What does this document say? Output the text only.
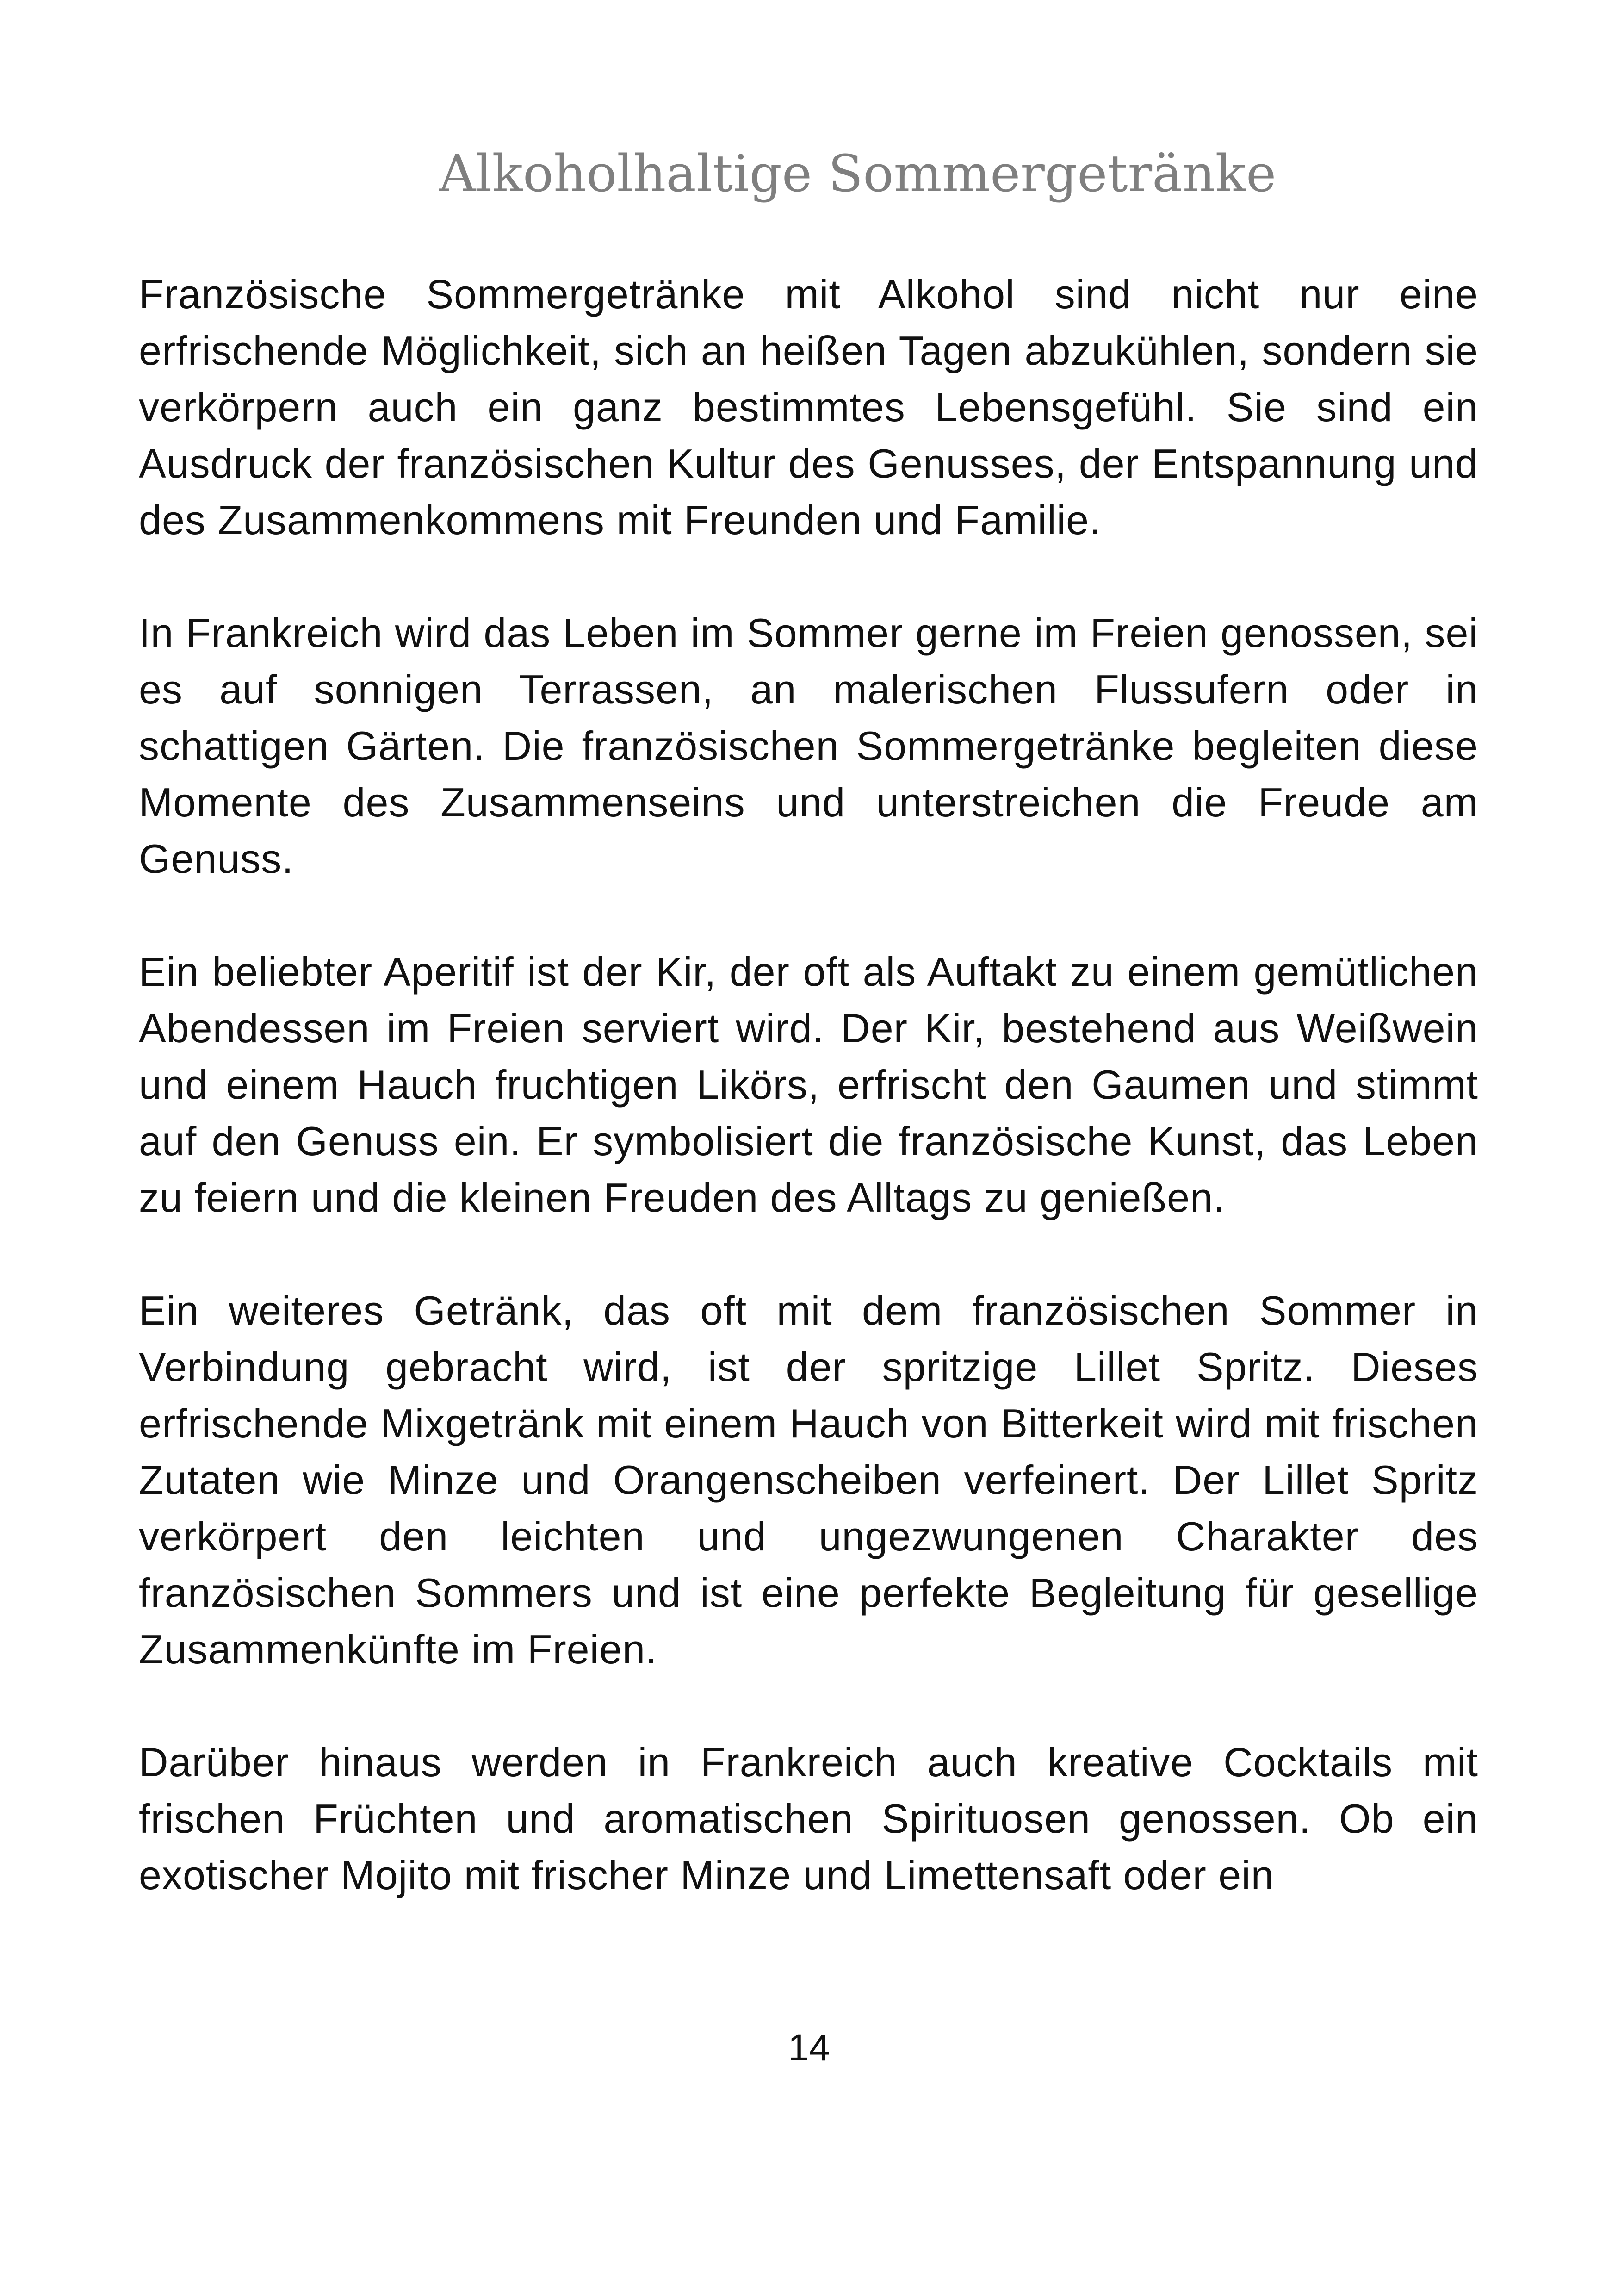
Alkoholhaltige Sommergetränke

Französische Sommergetränke mit Alkohol sind nicht nur eine erfrischende Möglichkeit, sich an heißen Tagen abzukühlen, sondern sie verkörpern auch ein ganz bestimmtes Lebensgefühl. Sie sind ein Ausdruck der französischen Kultur des Genusses, der Entspannung und des Zusammenkommens mit Freunden und Familie.

In Frankreich wird das Leben im Sommer gerne im Freien genossen, sei es auf sonnigen Terrassen, an malerischen Flussufern oder in schattigen Gärten. Die französischen Sommergetränke begleiten diese Momente des Zusammenseins und unterstreichen die Freude am Genuss.

Ein beliebter Aperitif ist der Kir, der oft als Auftakt zu einem gemütlichen Abendessen im Freien serviert wird. Der Kir, bestehend aus Weißwein und einem Hauch fruchtigen Likörs, erfrischt den Gaumen und stimmt auf den Genuss ein. Er symbolisiert die französische Kunst, das Leben zu feiern und die kleinen Freuden des Alltags zu genießen.

Ein weiteres Getränk, das oft mit dem französischen Sommer in Verbindung gebracht wird, ist der spritzige Lillet Spritz. Dieses erfrischende Mixgetränk mit einem Hauch von Bitterkeit wird mit frischen Zutaten wie Minze und Orangenscheiben verfeinert. Der Lillet Spritz verkörpert den leichten und ungezwungenen Charakter des französischen Sommers und ist eine perfekte Begleitung für gesellige Zusammenkünfte im Freien.

Darüber hinaus werden in Frankreich auch kreative Cocktails mit frischen Früchten und aromatischen Spirituosen genossen. Ob ein exotischer Mojito mit frischer Minze und Limettensaft oder ein

14
